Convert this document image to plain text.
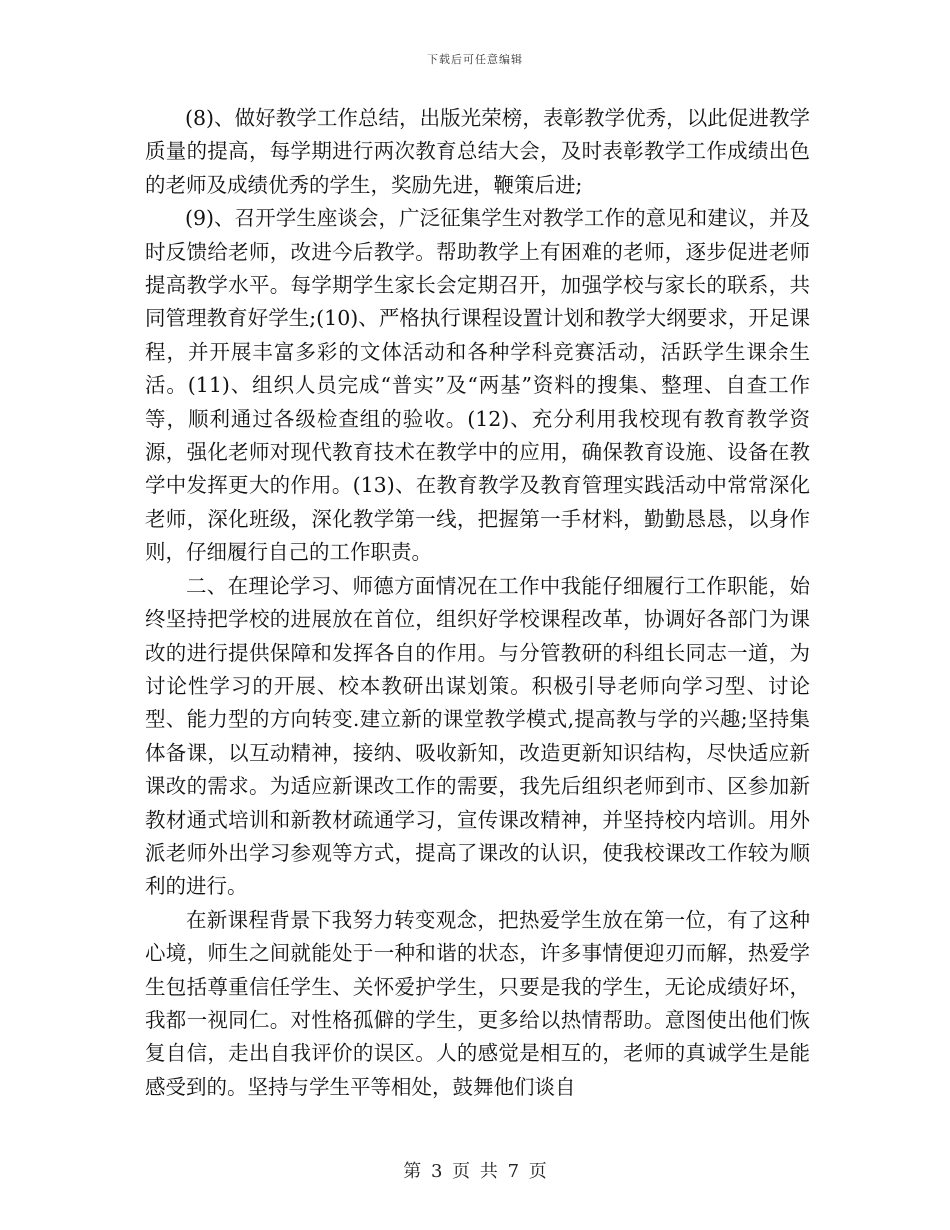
下载后可任意编辑

(8)、做好教学工作总结，出版光荣榜，表彰教学优秀，以此促进教学质量的提高，每学期进行两次教育总结大会，及时表彰教学工作成绩出色的老师及成绩优秀的学生，奖励先进，鞭策后进;

(9)、召开学生座谈会，广泛征集学生对教学工作的意见和建议，并及时反馈给老师，改进今后教学。帮助教学上有困难的老师，逐步促进老师提高教学水平。每学期学生家长会定期召开，加强学校与家长的联系，共同管理教育好学生;(10)、严格执行课程设置计划和教学大纲要求，开足课程，并开展丰富多彩的文体活动和各种学科竞赛活动，活跃学生课余生活。(11)、组织人员完成“普实”及“两基”资料的搜集、整理、自查工作等，顺利通过各级检查组的验收。(12)、充分利用我校现有教育教学资源，强化老师对现代教育技术在教学中的应用，确保教育设施、设备在教学中发挥更大的作用。(13)、在教育教学及教育管理实践活动中常常深化老师，深化班级，深化教学第一线，把握第一手材料，勤勤恳恳，以身作则，仔细履行自己的工作职责。

二、在理论学习、师德方面情况在工作中我能仔细履行工作职能，始终坚持把学校的进展放在首位，组织好学校课程改革，协调好各部门为课改的进行提供保障和发挥各自的作用。与分管教研的科组长同志一道，为讨论性学习的开展、校本教研出谋划策。积极引导老师向学习型、讨论型、能力型的方向转变.建立新的课堂教学模式,提高教与学的兴趣;坚持集体备课，以互动精神，接纳、吸收新知，改造更新知识结构，尽快适应新课改的需求。为适应新课改工作的需要，我先后组织老师到市、区参加新教材通式培训和新教材疏通学习，宣传课改精神，并坚持校内培训。用外派老师外出学习参观等方式，提高了课改的认识，使我校课改工作较为顺利的进行。

在新课程背景下我努力转变观念，把热爱学生放在第一位，有了这种心境，师生之间就能处于一种和谐的状态，许多事情便迎刃而解，热爱学生包括尊重信任学生、关怀爱护学生，只要是我的学生，无论成绩好坏，我都一视同仁。对性格孤僻的学生，更多给以热情帮助。意图使出他们恢复自信，走出自我评价的误区。人的感觉是相互的，老师的真诚学生是能感受到的。坚持与学生平等相处，鼓舞他们谈自

第 3 页 共 7 页
